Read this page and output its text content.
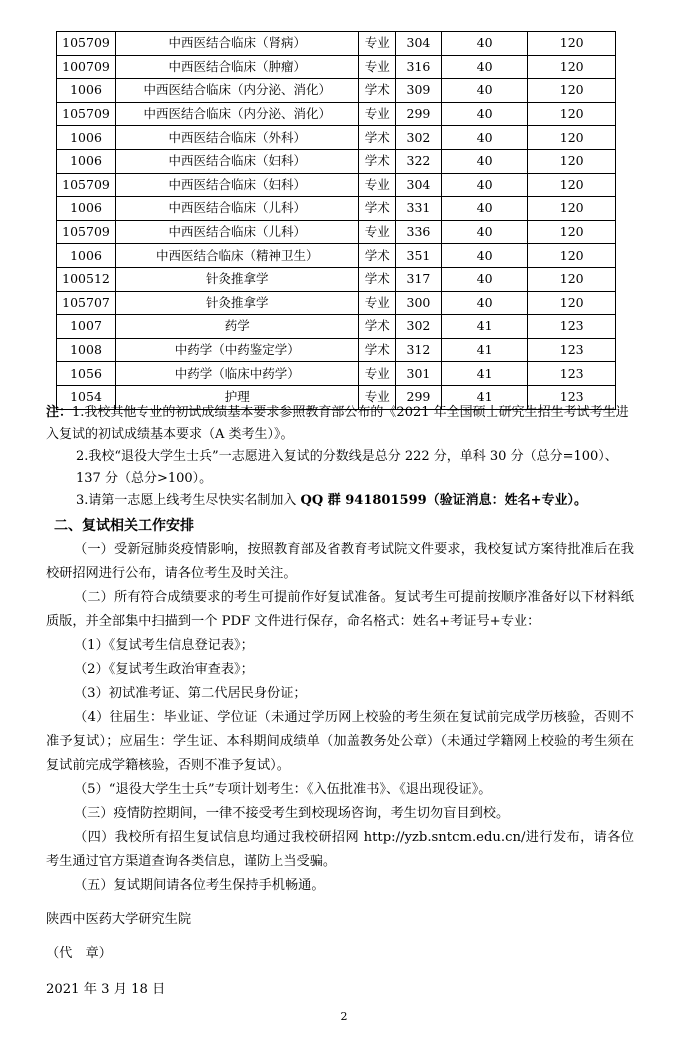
105709	中西医结合临床（肾病）	专业	304	40	120
100709	中西医结合临床（肿瘤）	专业	316	40	120
1006	中西医结合临床（内分泌、消化）	学术	309	40	120
105709	中西医结合临床（内分泌、消化）	专业	299	40	120
1006	中西医结合临床（外科）	学术	302	40	120
1006	中西医结合临床（妇科）	学术	322	40	120
105709	中西医结合临床（妇科）	专业	304	40	120
1006	中西医结合临床（儿科）	学术	331	40	120
105709	中西医结合临床（儿科）	专业	336	40	120
1006	中西医结合临床（精神卫生）	学术	351	40	120
100512	针灸推拿学	学术	317	40	120
105707	针灸推拿学	专业	300	40	120
1007	药学	学术	302	41	123
1008	中药学（中药鉴定学）	学术	312	41	123
1056	中药学（临床中药学）	专业	301	41	123
1054	护理	专业	299	41	123

注：1.我校其他专业的初试成绩基本要求参照教育部公布的《2021 年全国硕士研究生招生考试考生进入复试的初试成绩基本要求（A 类考生）》。

2.我校“退役大学生士兵”一志愿进入复试的分数线是总分 222 分，单科 30 分（总分=100）、137 分（总分>100）。

3.请第一志愿上线考生尽快实名制加入 QQ 群 941801599（验证消息：姓名+专业）。

二、复试相关工作安排

（一）受新冠肺炎疫情影响，按照教育部及省教育考试院文件要求，我校复试方案待批准后在我校研招网进行公布，请各位考生及时关注。

（二）所有符合成绩要求的考生可提前作好复试准备。复试考生可提前按顺序准备好以下材料纸质版，并全部集中扫描到一个 PDF 文件进行保存，命名格式：姓名+考证号+专业：

（1）《复试考生信息登记表》；

（2）《复试考生政治审查表》；

（3）初试准考证、第二代居民身份证；

（4）往届生：毕业证、学位证（未通过学历网上校验的考生须在复试前完成学历核验，否则不准予复试）；应届生：学生证、本科期间成绩单（加盖教务处公章）（未通过学籍网上校验的考生须在复试前完成学籍核验，否则不准予复试）。

（5）“退役大学生士兵”专项计划考生：《入伍批准书》、《退出现役证》。

（三）疫情防控期间，一律不接受考生到校现场咨询，考生切勿盲目到校。

（四）我校所有招生复试信息均通过我校研招网 http://yzb.sntcm.edu.cn/进行发布，请各位考生通过官方渠道查询各类信息，谨防上当受骗。

（五）复试期间请各位考生保持手机畅通。

陕西中医药大学研究生院

（代　章）

2021 年 3 月 18 日

2
